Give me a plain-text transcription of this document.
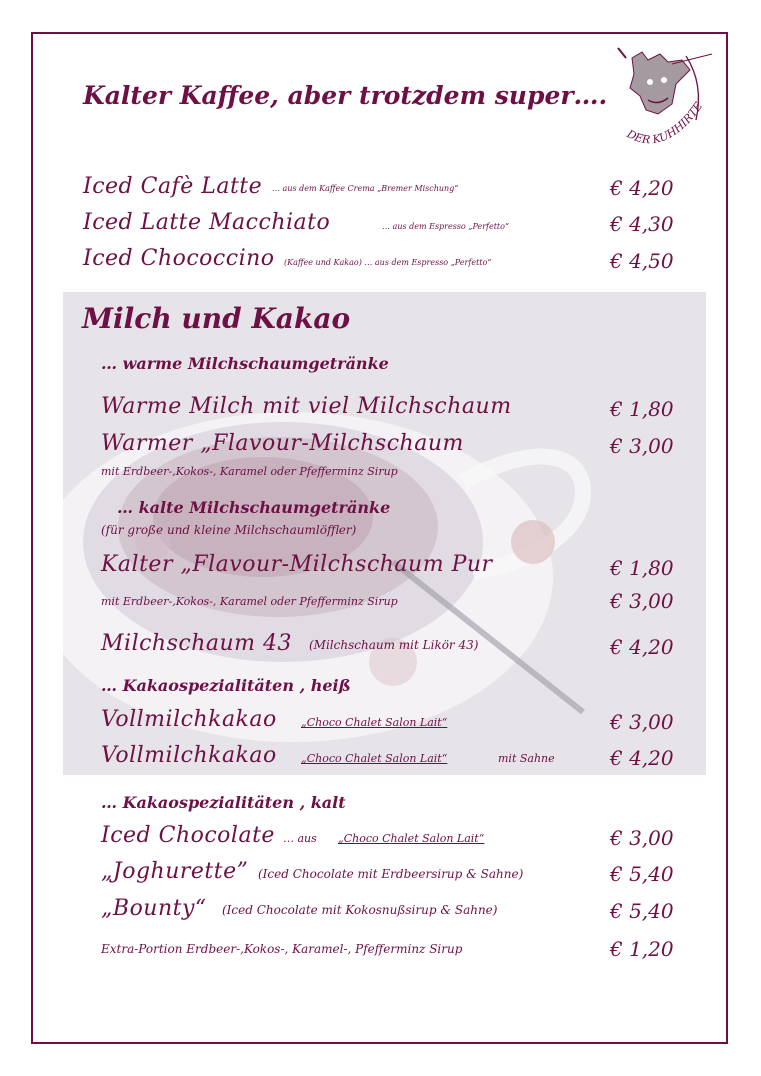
DER KUHHIRTE
Kalter Kaffee, aber trotzdem super….
Iced Cafè Latte … aus dem Kaffee Crema „Bremer Mischung“	€ 4,20
Iced Latte Macchiato	… aus dem Espresso „Perfetto“	€ 4,30
Iced Chococcino (Kaffee und Kakao) … aus dem Espresso „Perfetto“	€ 4,50
Milch und Kakao
… warme Milchschaumgetränke
Warme Milch mit viel Milchschaum	€ 1,80
Warmer „Flavour-Milchschaum	€ 3,00
mit Erdbeer-,Kokos-, Karamel oder Pfefferminz Sirup
… kalte Milchschaumgetränke
(für große und kleine Milchschaumlöffler)
Kalter „Flavour-Milchschaum Pur	€ 1,80
mit Erdbeer-,Kokos-, Karamel oder Pfefferminz Sirup	€ 3,00
Milchschaum 43 (Milchschaum mit Likör 43)	€ 4,20
… Kakaospezialitäten , heiß
Vollmilchkakao „Choco Chalet Salon Lait“	€ 3,00
Vollmilchkakao „Choco Chalet Salon Lait“	mit Sahne	€ 4,20
… Kakaospezialitäten , kalt
Iced Chocolate … aus „Choco Chalet Salon Lait“	€ 3,00
„Joghurette” (Iced Chocolate mit Erdbeersirup & Sahne)	€ 5,40
„Bounty“ (Iced Chocolate mit Kokosnußsirup & Sahne)	€ 5,40
Extra-Portion Erdbeer-,Kokos-, Karamel-, Pfefferminz Sirup	€ 1,20
